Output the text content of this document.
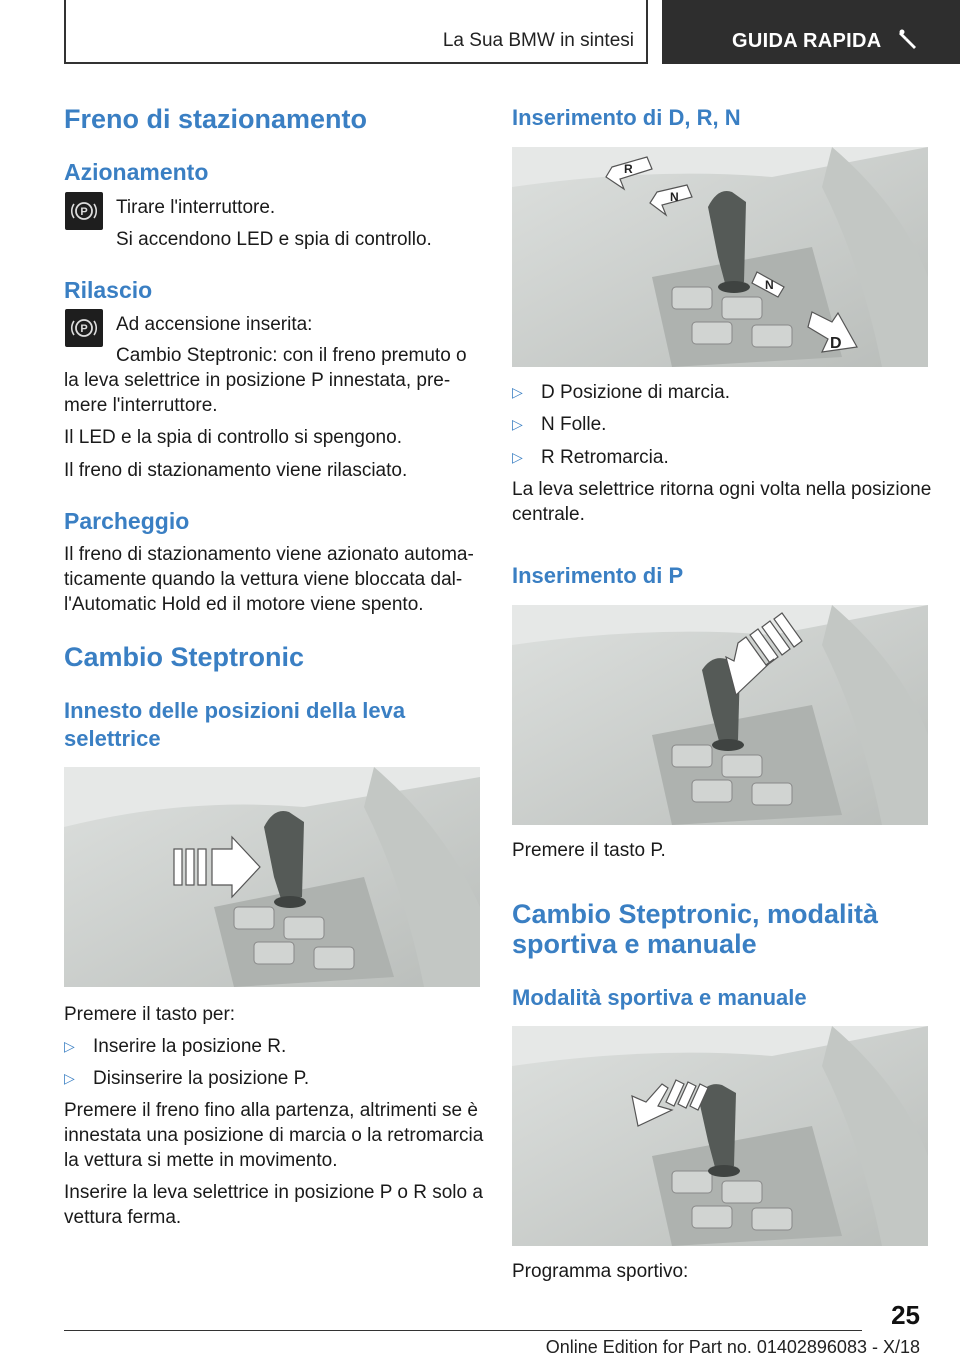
La Sua BMW in sintesi	GUIDA RAPIDA
Freno di stazionamento
Azionamento
P Tirare l'interruttore.

Si accendono LED e spia di controllo.

Rilascio
P Ad accensione inserita:

Cambio Steptronic: con il freno premuto o

la leva selettrice in posizione P innestata, pre-

mere l'interruttore.

Il LED e la spia di controllo si spengono.

Il freno di stazionamento viene rilasciato.

Parcheggio

Il freno di stazionamento viene azionato automa-

ticamente quando la vettura viene bloccata dal-

l'Automatic Hold ed il motore viene spento.

Cambio Steptronic
Innesto delle posizioni della leva
selettrice

Premere il tasto per:

▷ Inserire la posizione R.
▷ Disinserire la posizione P.

Premere il freno fino alla partenza, altrimenti se è

innestata una posizione di marcia o la retromarcia

la vettura si mette in movimento.

Inserire la leva selettrice in posizione P o R solo a

vettura ferma.

Inserimento di D, R, N
R
N
N
D
▷ D Posizione di marcia.
▷ N Folle.
▷ R Retromarcia.

La leva selettrice ritorna ogni volta nella posizione

centrale.

Inserimento di P

Premere il tasto P.

Cambio Steptronic, modalità
sportiva e manuale
Modalità sportiva e manuale

Programma sportivo:

25
Online Edition for Part no. 01402896083 - X/18
